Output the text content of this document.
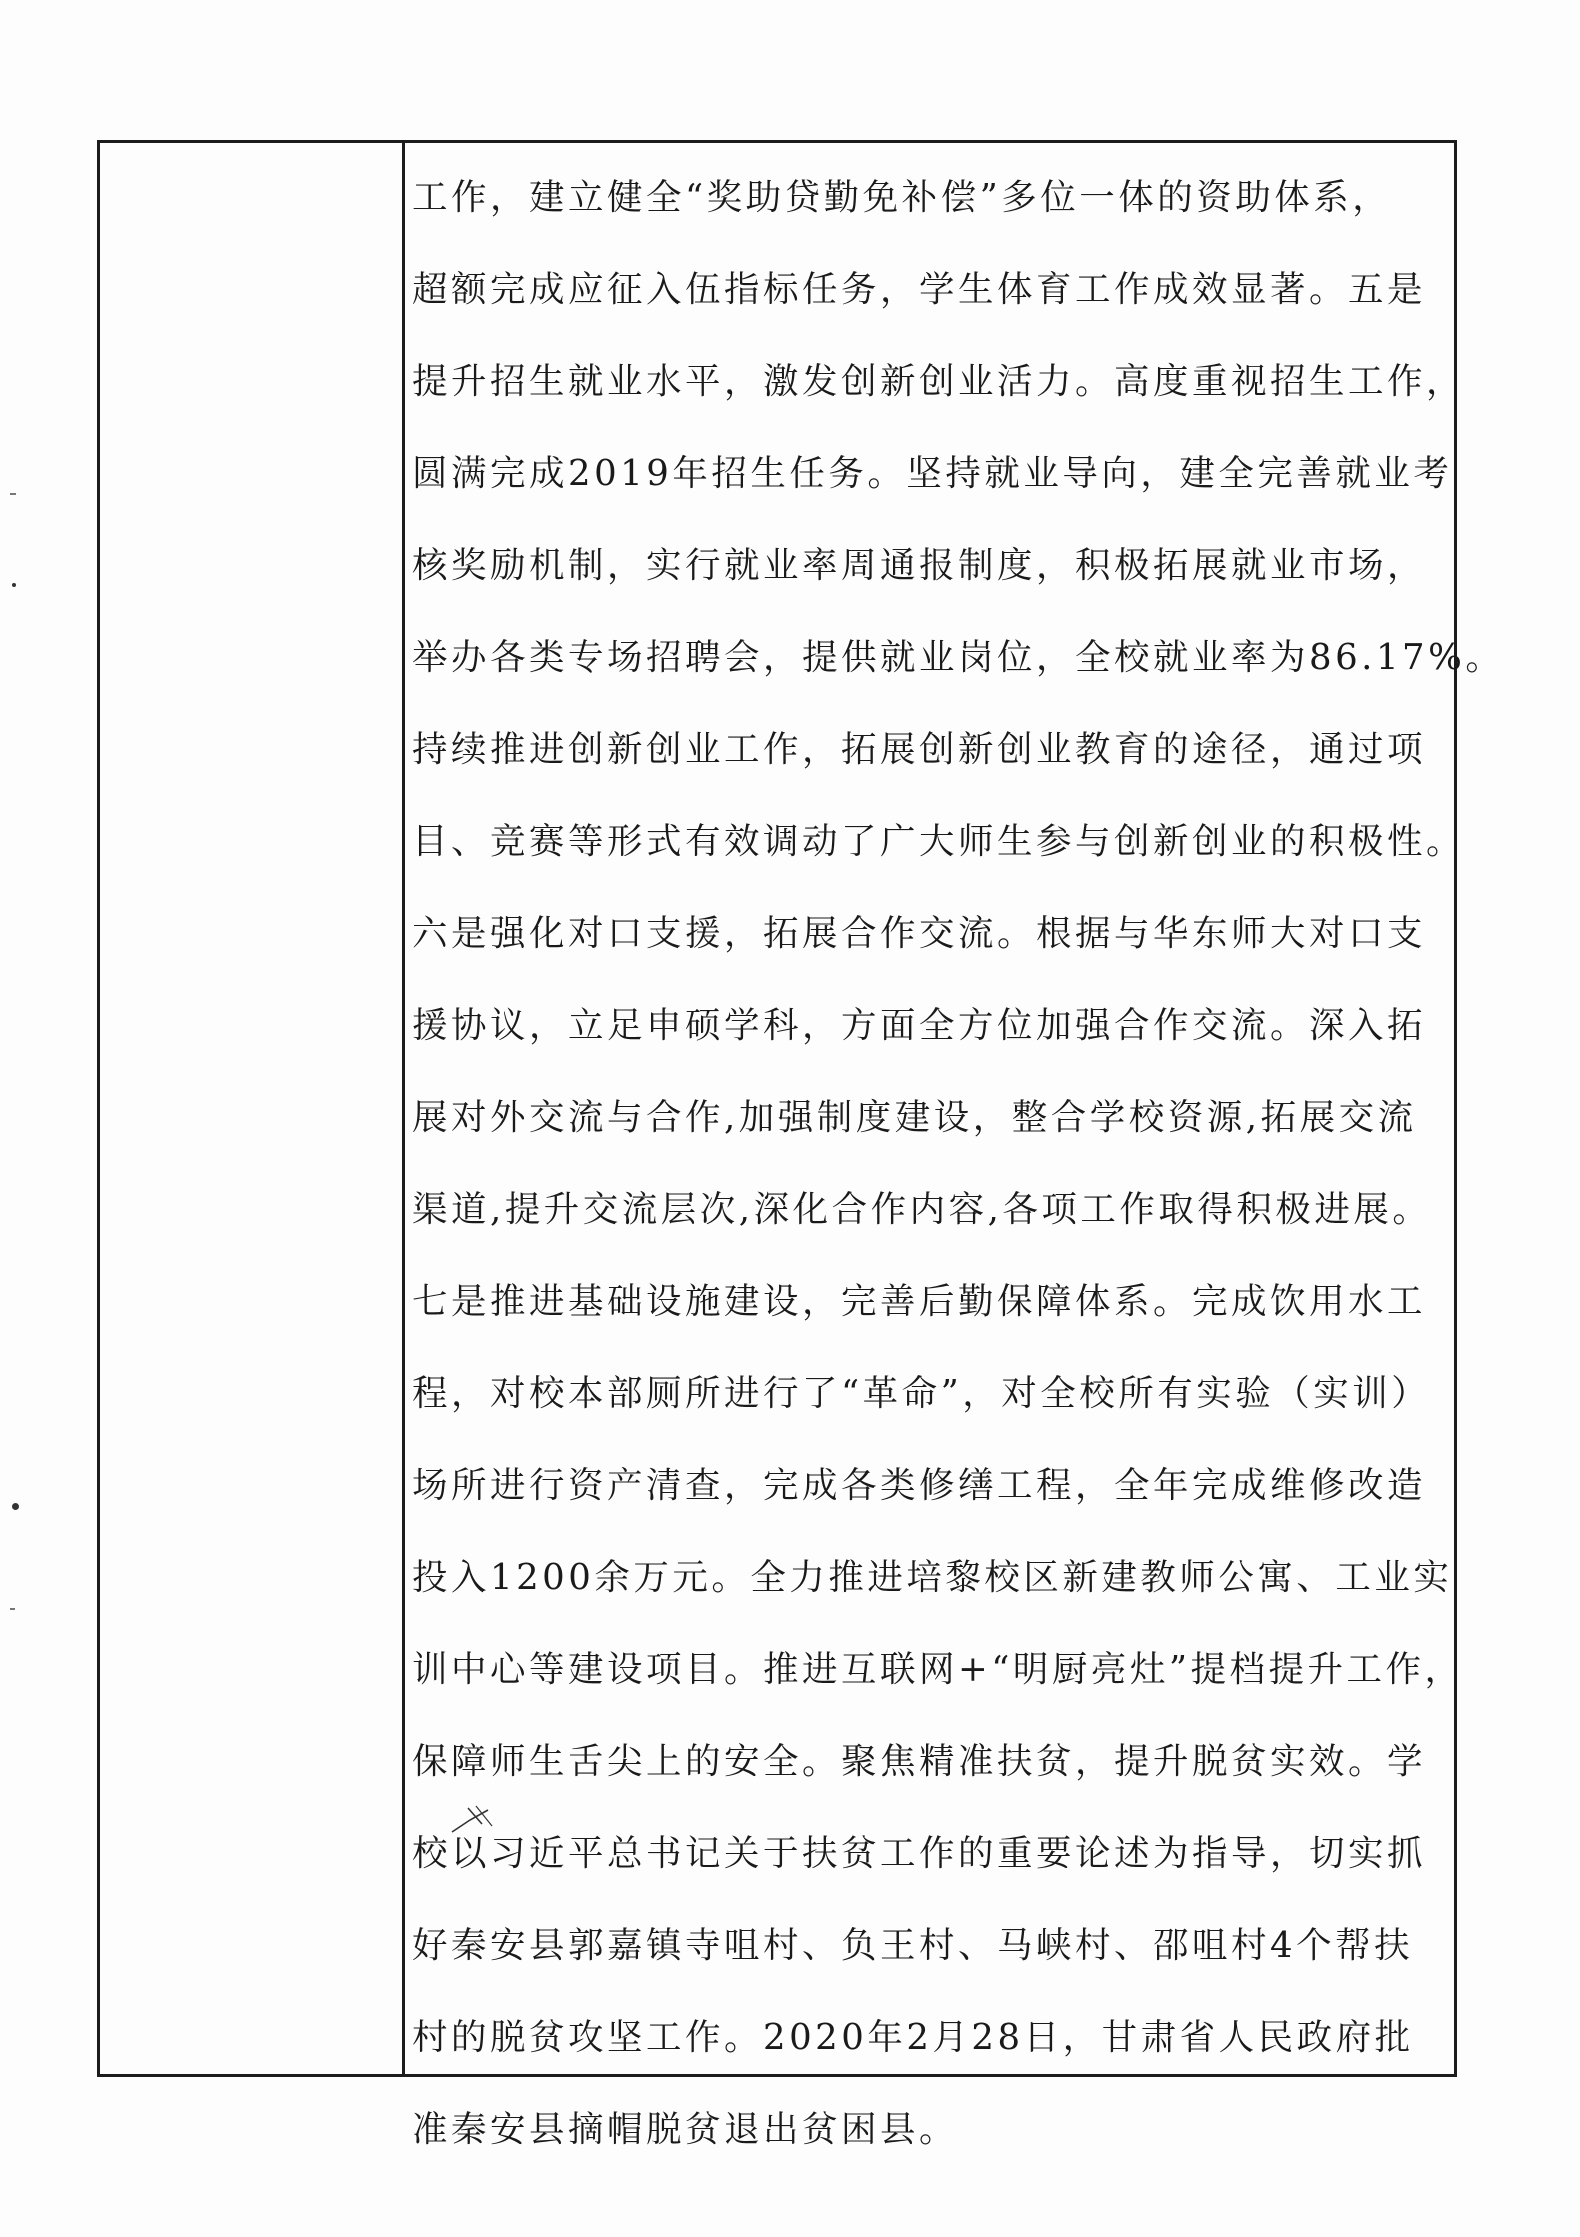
工作，建立健全“奖助贷勤免补偿”多位一体的资助体系，
超额完成应征入伍指标任务，学生体育工作成效显著。五是
提升招生就业水平，激发创新创业活力。高度重视招生工作，
圆满完成2019年招生任务。坚持就业导向，建全完善就业考
核奖励机制，实行就业率周通报制度，积极拓展就业市场，
举办各类专场招聘会，提供就业岗位，全校就业率为86.17%。
持续推进创新创业工作，拓展创新创业教育的途径，通过项
目、竞赛等形式有效调动了广大师生参与创新创业的积极性。
六是强化对口支援，拓展合作交流。根据与华东师大对口支
援协议，立足申硕学科，方面全方位加强合作交流。深入拓
展对外交流与合作,加强制度建设，整合学校资源,拓展交流
渠道,提升交流层次,深化合作内容,各项工作取得积极进展。
七是推进基础设施建设，完善后勤保障体系。完成饮用水工
程，对校本部厕所进行了“革命”，对全校所有实验（实训）
场所进行资产清查，完成各类修缮工程，全年完成维修改造
投入1200余万元。全力推进培黎校区新建教师公寓、工业实
训中心等建设项目。推进互联网+“明厨亮灶”提档提升工作，
保障师生舌尖上的安全。聚焦精准扶贫，提升脱贫实效。学
校以习近平总书记关于扶贫工作的重要论述为指导，切实抓
好秦安县郭嘉镇寺咀村、负王村、马峡村、邵咀村4个帮扶
村的脱贫攻坚工作。2020年2月28日，甘肃省人民政府批
准秦安县摘帽脱贫退出贫困县。
